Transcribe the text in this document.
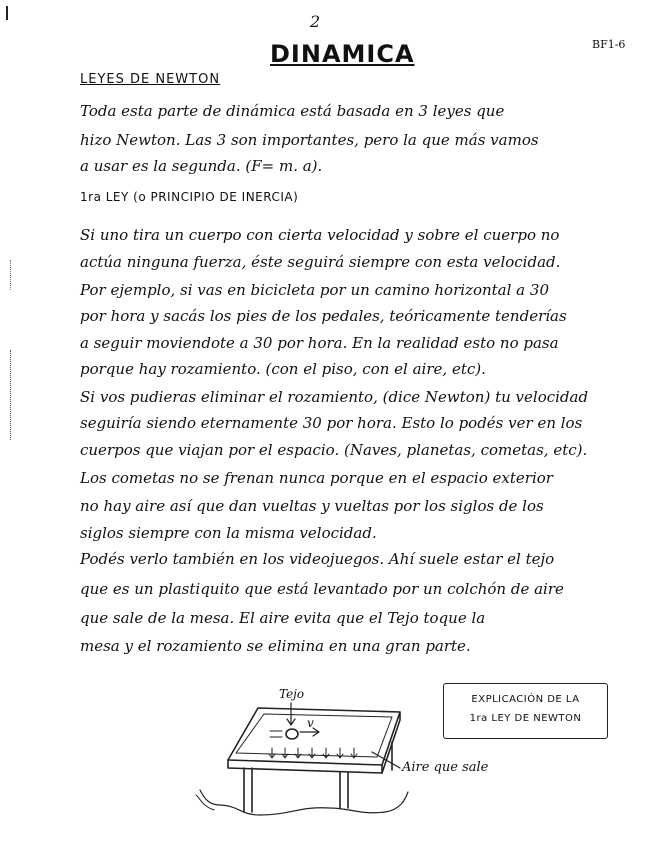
2
BF1-6
DINAMICA
LEYES DE NEWTON
Toda esta parte de dinámica está basada en 3 leyes que
hizo Newton. Las 3 son importantes, pero la que más vamos
a usar es la segunda. (F= m. a).
1ra LEY (o PRINCIPIO DE INERCIA)
Si uno tira un cuerpo con cierta velocidad y sobre el cuerpo no
actúa ninguna fuerza, éste seguirá siempre con esta velocidad.
Por ejemplo, si vas en bicicleta por un camino horizontal a 30
por hora y sacás los pies de los pedales, teóricamente tenderías
a seguir moviendote a 30 por hora. En la realidad esto no pasa
porque hay rozamiento. (con el piso, con el aire, etc).
Si vos pudieras eliminar el rozamiento, (dice Newton) tu velocidad
seguiría siendo eternamente 30 por hora. Esto lo podés ver en los
cuerpos que viajan por el espacio. (Naves, planetas, cometas, etc).
Los cometas no se frenan nunca porque en el espacio exterior
no hay aire así que dan vueltas y vueltas por los siglos de los
siglos siempre con la misma velocidad.
Podés verlo también en los videojuegos. Ahí suele estar el tejo
que es un plastiquito que está levantado por un colchón de aire
que sale de la mesa. El aire evita que el Tejo toque la
mesa y el rozamiento se elimina en una gran parte.
Tejo
v
Aire que sale
EXPLICACIÓN DE LA
1ra LEY DE NEWTON
